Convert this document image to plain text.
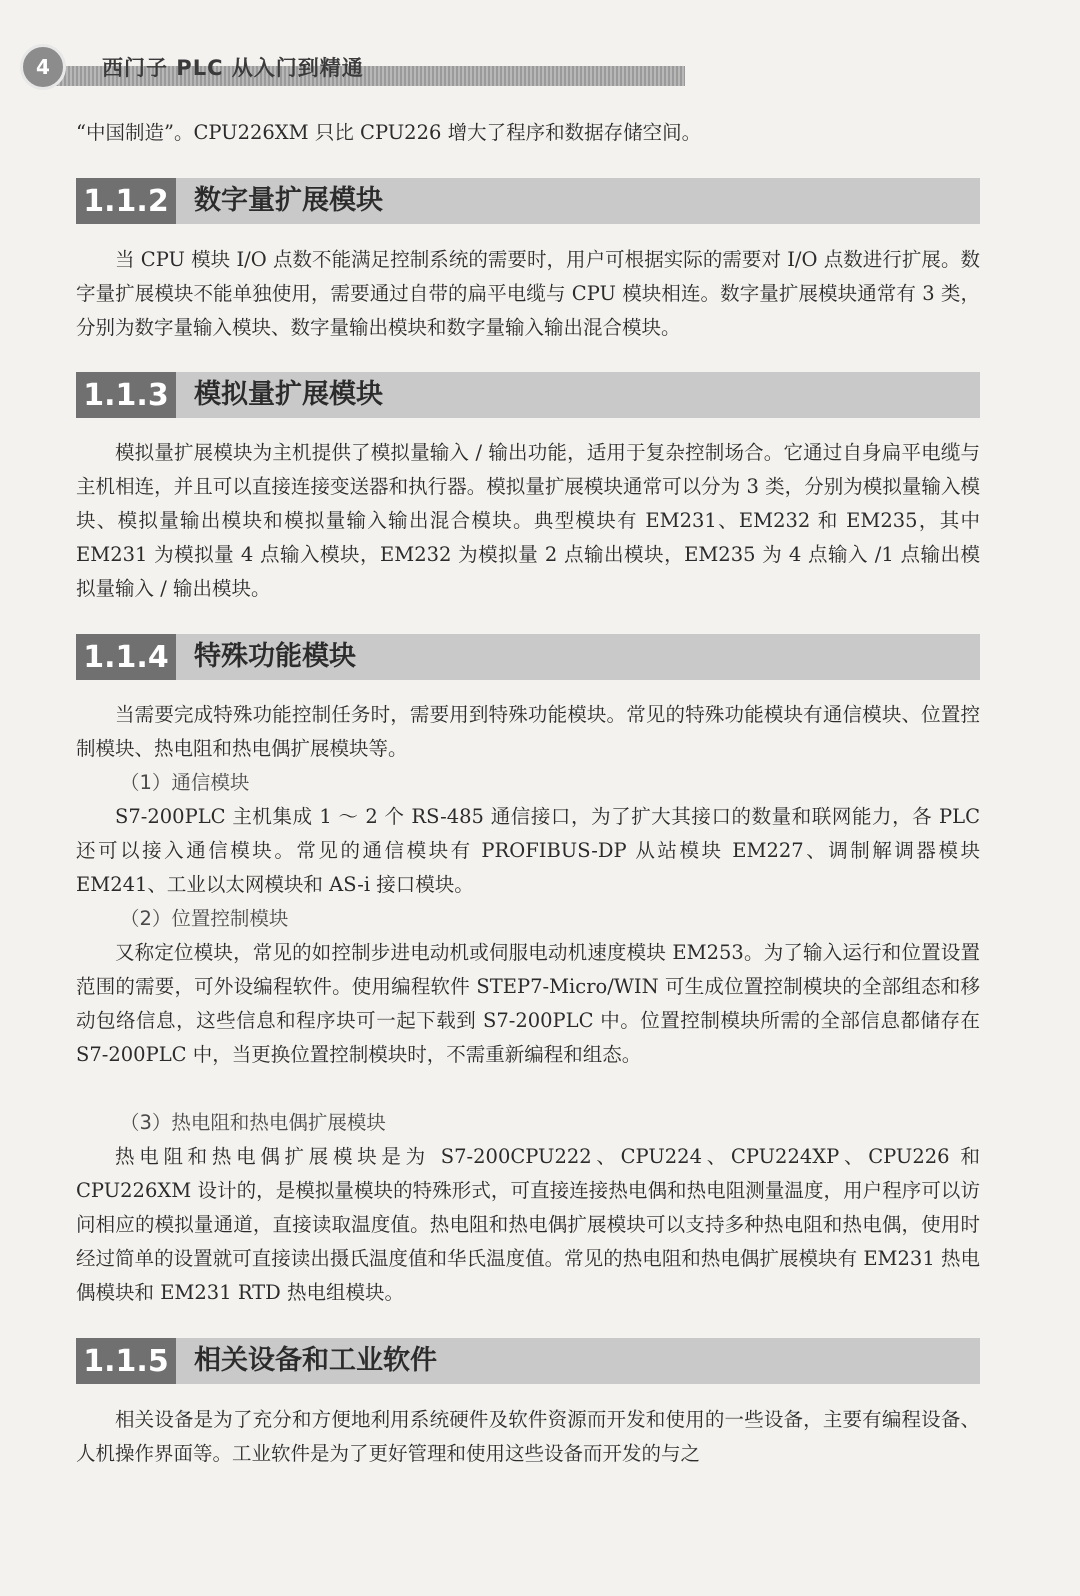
4	西门子 PLC 从入门到精通

“中国制造”。CPU226XM 只比 CPU226 增大了程序和数据存储空间。

1.1.2 数字量扩展模块

当 CPU 模块 I/O 点数不能满足控制系统的需要时，用户可根据实际的需要对 I/O 点数进行扩展。数字量扩展模块不能单独使用，需要通过自带的扁平电缆与 CPU 模块相连。数字量扩展模块通常有 3 类，分别为数字量输入模块、数字量输出模块和数字量输入输出混合模块。

1.1.3 模拟量扩展模块

模拟量扩展模块为主机提供了模拟量输入 / 输出功能，适用于复杂控制场合。它通过自身扁平电缆与主机相连，并且可以直接连接变送器和执行器。模拟量扩展模块通常可以分为 3 类，分别为模拟量输入模块、模拟量输出模块和模拟量输入输出混合模块。典型模块有 EM231、EM232 和 EM235，其中 EM231 为模拟量 4 点输入模块，EM232 为模拟量 2 点输出模块，EM235 为 4 点输入 /1 点输出模拟量输入 / 输出模块。

1.1.4 特殊功能模块

当需要完成特殊功能控制任务时，需要用到特殊功能模块。常见的特殊功能模块有通信模块、位置控制模块、热电阻和热电偶扩展模块等。

（1）通信模块

S7-200PLC 主机集成 1 ～ 2 个 RS-485 通信接口，为了扩大其接口的数量和联网能力，各 PLC 还可以接入通信模块。常见的通信模块有 PROFIBUS-DP 从站模块 EM227、调制解调器模块 EM241、工业以太网模块和 AS-i 接口模块。

（2）位置控制模块

又称定位模块，常见的如控制步进电动机或伺服电动机速度模块 EM253。为了输入运行和位置设置范围的需要，可外设编程软件。使用编程软件 STEP7-Micro/WIN 可生成位置控制模块的全部组态和移动包络信息，这些信息和程序块可一起下载到 S7-200PLC 中。位置控制模块所需的全部信息都储存在 S7-200PLC 中，当更换位置控制模块时，不需重新编程和组态。

（3）热电阻和热电偶扩展模块

热电阻和热电偶扩展模块是为 S7-200CPU222、CPU224、CPU224XP、CPU226 和 CPU226XM 设计的，是模拟量模块的特殊形式，可直接连接热电偶和热电阻测量温度，用户程序可以访问相应的模拟量通道，直接读取温度值。热电阻和热电偶扩展模块可以支持多种热电阻和热电偶，使用时经过简单的设置就可直接读出摄氏温度值和华氏温度值。常见的热电阻和热电偶扩展模块有 EM231 热电偶模块和 EM231 RTD 热电组模块。

1.1.5 相关设备和工业软件

相关设备是为了充分和方便地利用系统硬件及软件资源而开发和使用的一些设备，主要有编程设备、人机操作界面等。工业软件是为了更好管理和使用这些设备而开发的与之
